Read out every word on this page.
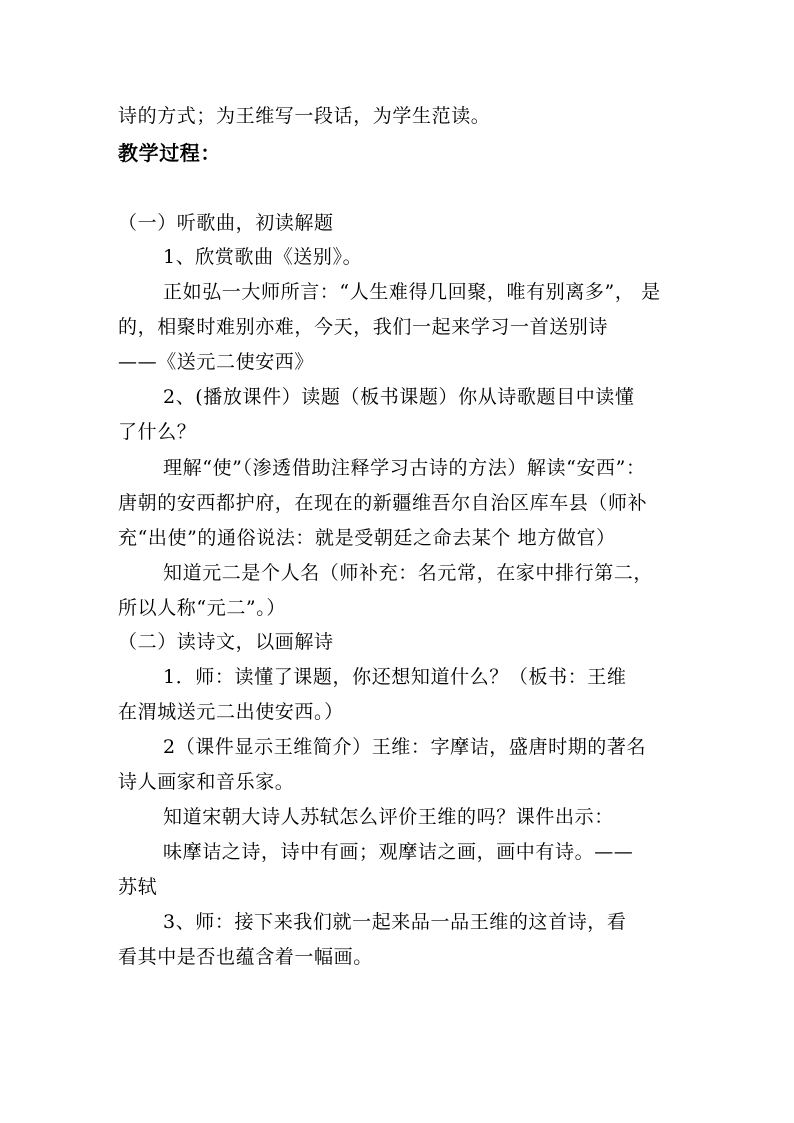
诗的方式；为王维写一段话，为学生范读。

教学过程：

（一）听歌曲，初读解题

1、欣赏歌曲《送别》。

正如弘一大师所言：“人生难得几回聚，唯有别离多”， 是

的，相聚时难别亦难，今天，我们一起来学习一首送别诗

——《送元二使安西》

2、(播放课件）读题（板书课题）你从诗歌题目中读懂

了什么？

理解“使”（渗透借助注释学习古诗的方法）解读“安西”：

唐朝的安西都护府，在现在的新疆维吾尔自治区库车县（师补

充“出使”的通俗说法：就是受朝廷之命去某个 地方做官）

知道元二是个人名（师补充：名元常，在家中排行第二，

所以人称“元二”。）

（二）读诗文，以画解诗

1．师：读懂了课题，你还想知道什么？（板书：王维

在渭城送元二出使安西。）

2（课件显示王维简介）王维：字摩诘，盛唐时期的著名

诗人画家和音乐家。

知道宋朝大诗人苏轼怎么评价王维的吗？课件出示：

味摩诘之诗，诗中有画；观摩诘之画，画中有诗。——

苏轼

3、师：接下来我们就一起来品一品王维的这首诗，看

看其中是否也蕴含着一幅画。
